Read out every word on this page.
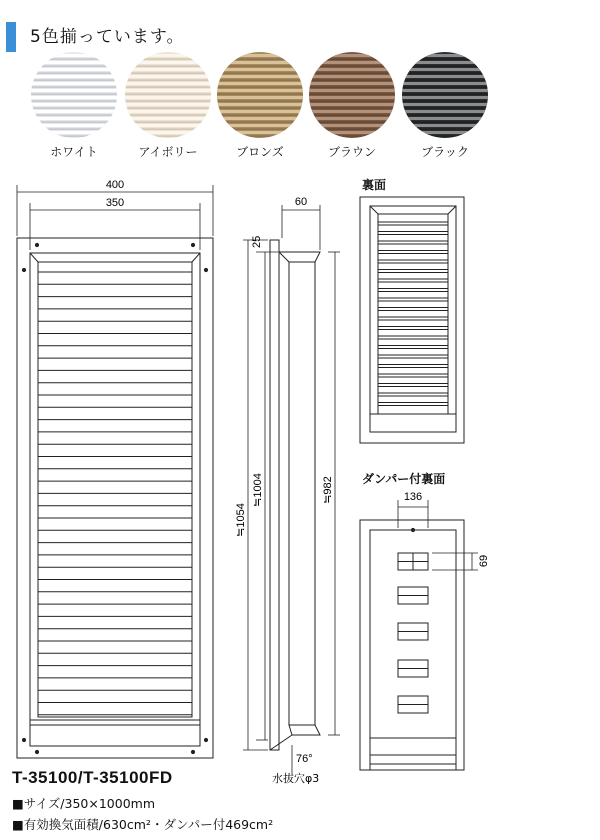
5色揃っています。
ホワイト	アイボリー	ブロンズ	ブラウン	ブラック
400
350	60
25
≒1054
≒1004	≒982
76°
水抜穴φ3
136
69
裏面
ダンパー付裏面
T-35100/T-35100FD
■サイズ/350×1000mm
■有効換気面積/630cm²・ダンパー付469cm²
